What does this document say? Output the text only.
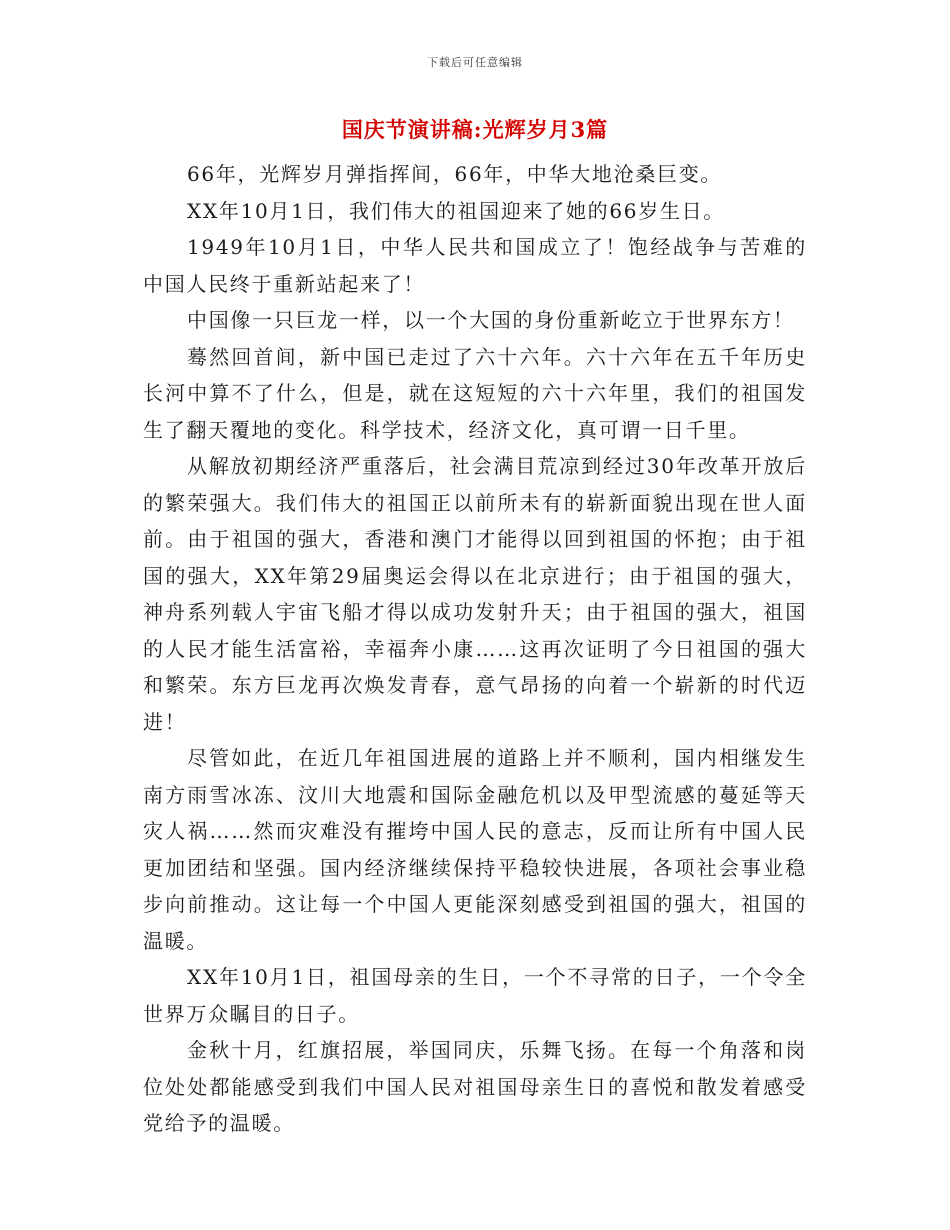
下载后可任意编辑
国庆节演讲稿:光辉岁月3篇

66年，光辉岁月弹指挥间，66年，中华大地沧桑巨变。

XX年10月1日，我们伟大的祖国迎来了她的66岁生日。

1949年10月1日，中华人民共和国成立了！饱经战争与苦难的中国人民终于重新站起来了！

中国像一只巨龙一样，以一个大国的身份重新屹立于世界东方！

蓦然回首间，新中国已走过了六十六年。六十六年在五千年历史长河中算不了什么，但是，就在这短短的六十六年里，我们的祖国发生了翻天覆地的变化。科学技术，经济文化，真可谓一日千里。

从解放初期经济严重落后，社会满目荒凉到经过30年改革开放后的繁荣强大。我们伟大的祖国正以前所未有的崭新面貌出现在世人面前。由于祖国的强大，香港和澳门才能得以回到祖国的怀抱；由于祖国的强大，XX年第29届奥运会得以在北京进行；由于祖国的强大，神舟系列载人宇宙飞船才得以成功发射升天；由于祖国的强大，祖国的人民才能生活富裕，幸福奔小康……这再次证明了今日祖国的强大和繁荣。东方巨龙再次焕发青春，意气昂扬的向着一个崭新的时代迈进！

尽管如此，在近几年祖国进展的道路上并不顺利，国内相继发生南方雨雪冰冻、汶川大地震和国际金融危机以及甲型流感的蔓延等天灾人祸……然而灾难没有摧垮中国人民的意志，反而让所有中国人民更加团结和坚强。国内经济继续保持平稳较快进展，各项社会事业稳步向前推动。这让每一个中国人更能深刻感受到祖国的强大，祖国的温暖。

XX年10月1日，祖国母亲的生日，一个不寻常的日子，一个令全世界万众瞩目的日子。

金秋十月，红旗招展，举国同庆，乐舞飞扬。在每一个角落和岗位处处都能感受到我们中国人民对祖国母亲生日的喜悦和散发着感受党给予的温暖。
